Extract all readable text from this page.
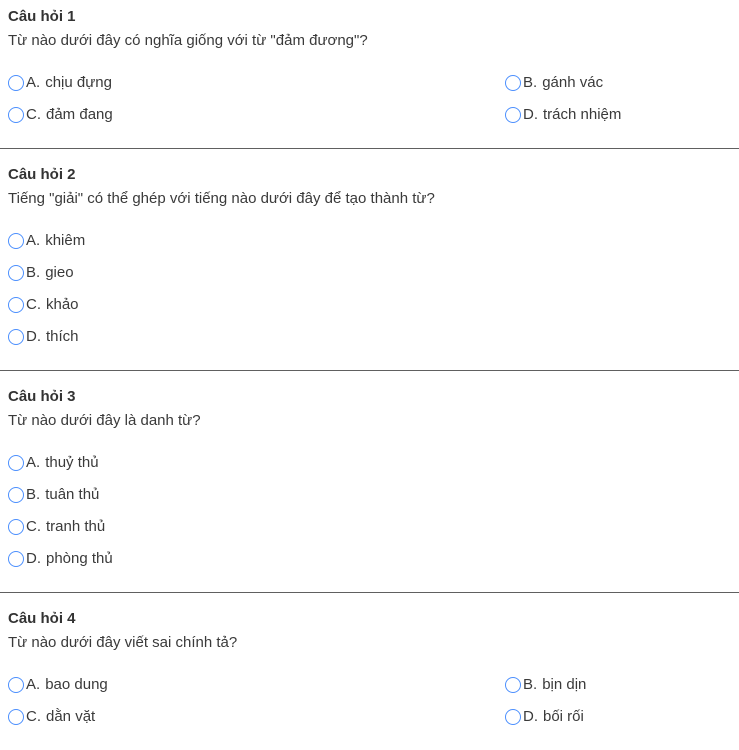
Câu hỏi 1

Từ nào dưới đây có nghĩa giống với từ "đảm đương"?

A. chịu đựng	B. gánh vác
C. đảm đang	D. trách nhiệm
Câu hỏi 2

Tiếng "giải" có thể ghép với tiếng nào dưới đây để tạo thành từ?

A. khiêm
B. gieo
C. khảo
D. thích
Câu hỏi 3

Từ nào dưới đây là danh từ?

A. thuỷ thủ
B. tuân thủ
C. tranh thủ
D. phòng thủ
Câu hỏi 4

Từ nào dưới đây viết sai chính tả?

A. bao dung	B. bịn dịn
C. dằn vặt	D. bối rối
